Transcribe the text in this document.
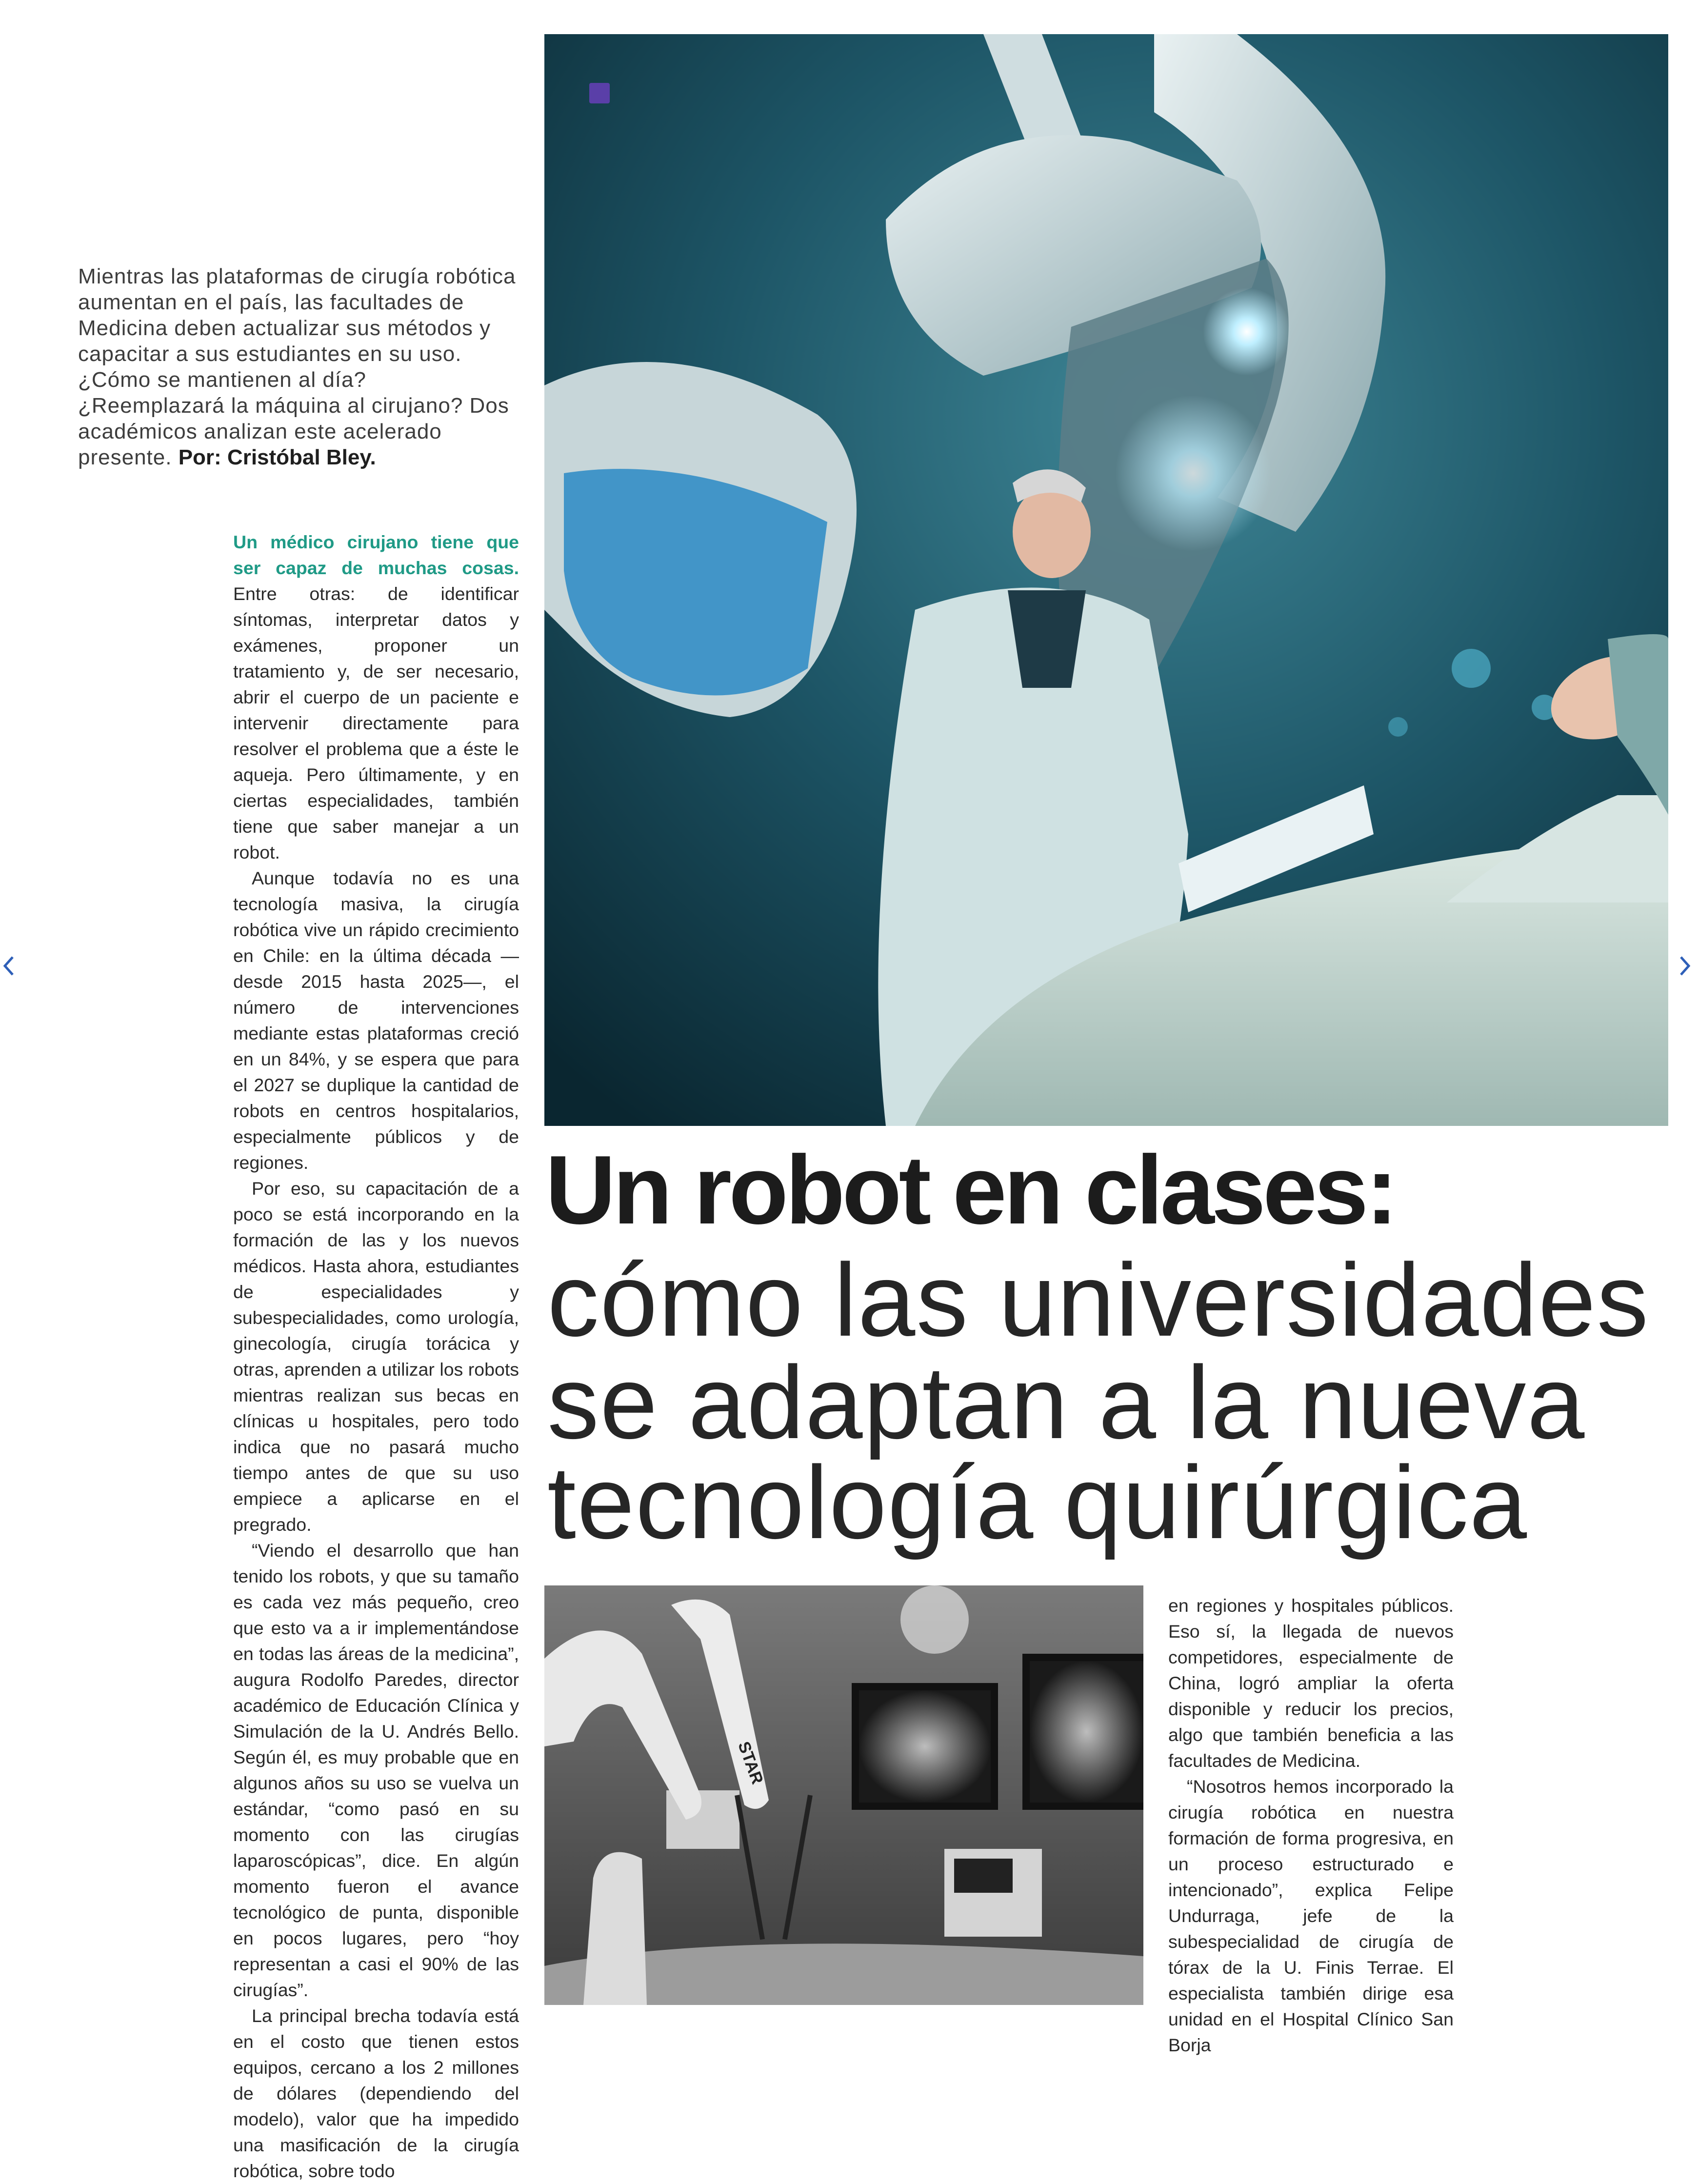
Mientras las plataformas de cirugía robótica aumentan en el país, las facultades de Medicina deben actualizar sus métodos y capacitar a sus estudiantes en su uso. ¿Cómo se mantienen al día? ¿Reemplazará la máquina al cirujano? Dos académicos analizan este acelerado presente. Por: Cristóbal Bley.
Un robot en clases:
cómo las universidades
se adaptan a la nueva
tecnología quirúrgica

Un médico cirujano tiene que ser capaz de muchas cosas. Entre otras: de identificar síntomas, interpretar datos y exámenes, proponer un tratamiento y, de ser necesario, abrir el cuerpo de un paciente e intervenir directamente para resolver el problema que a éste le aqueja. Pero últimamente, y en ciertas especialidades, también tiene que saber manejar a un robot.

Aunque todavía no es una tecnología masiva, la cirugía robótica vive un rápido crecimiento en Chile: en la última década —desde 2015 hasta 2025—, el número de intervenciones mediante estas plataformas creció en un 84%, y se espera que para el 2027 se duplique la cantidad de robots en centros hospitalarios, especialmente públicos y de regiones.

Por eso, su capacitación de a poco se está incorporando en la formación de las y los nuevos médicos. Hasta ahora, estudiantes de especialidades y subespecialidades, como urología, ginecología, cirugía torácica y otras, aprenden a utilizar los robots mientras realizan sus becas en clínicas u hospitales, pero todo indica que no pasará mucho tiempo antes de que su uso empiece a aplicarse en el pregrado.

“Viendo el desarrollo que han tenido los robots, y que su tamaño es cada vez más pequeño, creo que esto va a ir implementándose en todas las áreas de la medicina”, augura Rodolfo Paredes, director académico de Educación Clínica y Simulación de la U. Andrés Bello. Según él, es muy probable que en algunos años su uso se vuelva un estándar, “como pasó en su momento con las cirugías laparoscópicas”, dice. En algún momento fueron el avance tecnológico de punta, disponible en pocos lugares, pero “hoy representan a casi el 90% de las cirugías”.

La principal brecha todavía está en el costo que tienen estos equipos, cercano a los 2 millones de dólares (dependiendo del modelo), valor que ha impedido una masificación de la cirugía robótica, sobre todo

STAR

en regiones y hospitales públicos. Eso sí, la llegada de nuevos competidores, especialmente de China, logró ampliar la oferta disponible y reducir los precios, algo que también beneficia a las facultades de Medicina.

“Nosotros hemos incorporado la cirugía robótica en nuestra formación de forma progresiva, en un proceso estructurado e intencionado”, explica Felipe Undurraga, jefe de la subespecialidad de cirugía de tórax de la U. Finis Terrae. El especialista también dirige esa unidad en el Hospital Clínico San Borja
